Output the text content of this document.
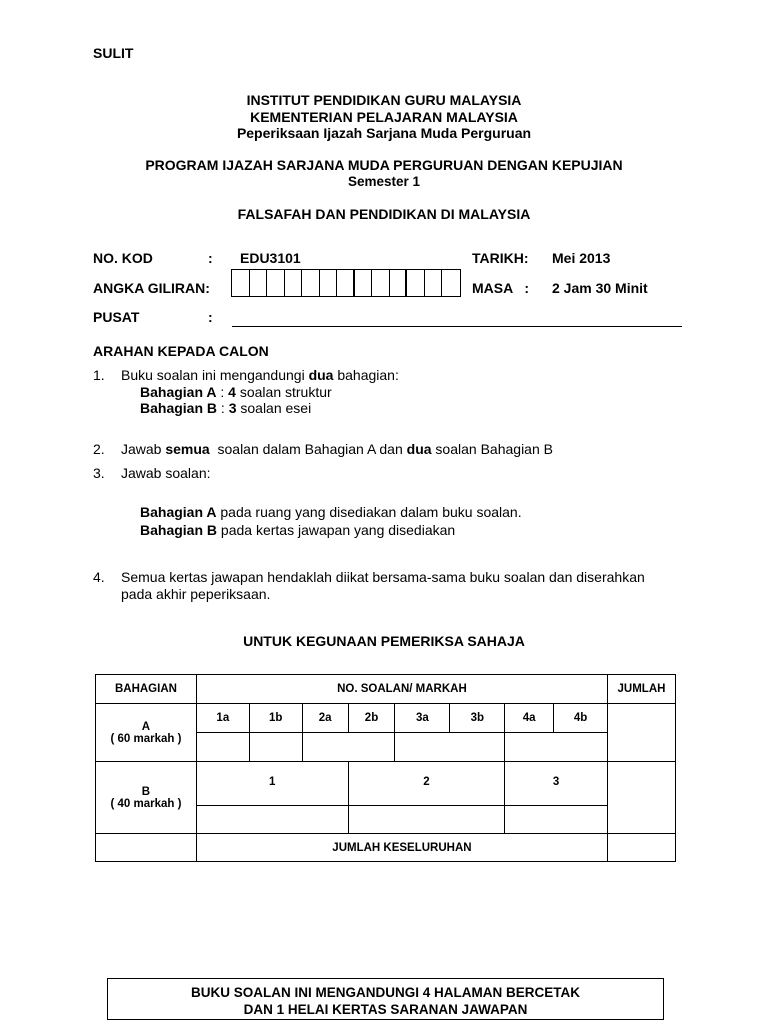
SULIT
INSTITUT PENDIDIKAN GURU MALAYSIA
KEMENTERIAN PELAJARAN MALAYSIA
Peperiksaan Ijazah Sarjana Muda Perguruan
PROGRAM IJAZAH SARJANA MUDA PERGURUAN DENGAN KEPUJIAN
Semester 1
FALSAFAH DAN PENDIDIKAN DI MALAYSIA
NO. KOD	: EDU3101	TARIKH: Mei 2013
ANGKA GILIRAN:	MASA   : 2 Jam 30 Minit
PUSAT	:
ARAHAN KEPADA CALON
1. Buku soalan ini mengandungi dua bahagian:
Bahagian A : 4 soalan struktur
Bahagian B : 3 soalan esei
2. Jawab semua  soalan dalam Bahagian A dan dua soalan Bahagian B
3. Jawab soalan:
Bahagian A pada ruang yang disediakan dalam buku soalan.
Bahagian B pada kertas jawapan yang disediakan
4. Semua kertas jawapan hendaklah diikat bersama-sama buku soalan dan diserahkan
pada akhir peperiksaan.
UNTUK KEGUNAAN PEMERIKSA SAHAJA
BAHAGIAN	NO. SOALAN/ MARKAH								JUMLAH

A
( 60 markah )	1a	1b	2a	2b	3a	3b	4a	4b	

B
( 40 markah )	1			2			3		

	JUMLAH KESELURUHAN								
BUKU SOALAN INI MENGANDUNGI 4 HALAMAN BERCETAK
DAN 1 HELAI KERTAS SARANAN JAWAPAN
